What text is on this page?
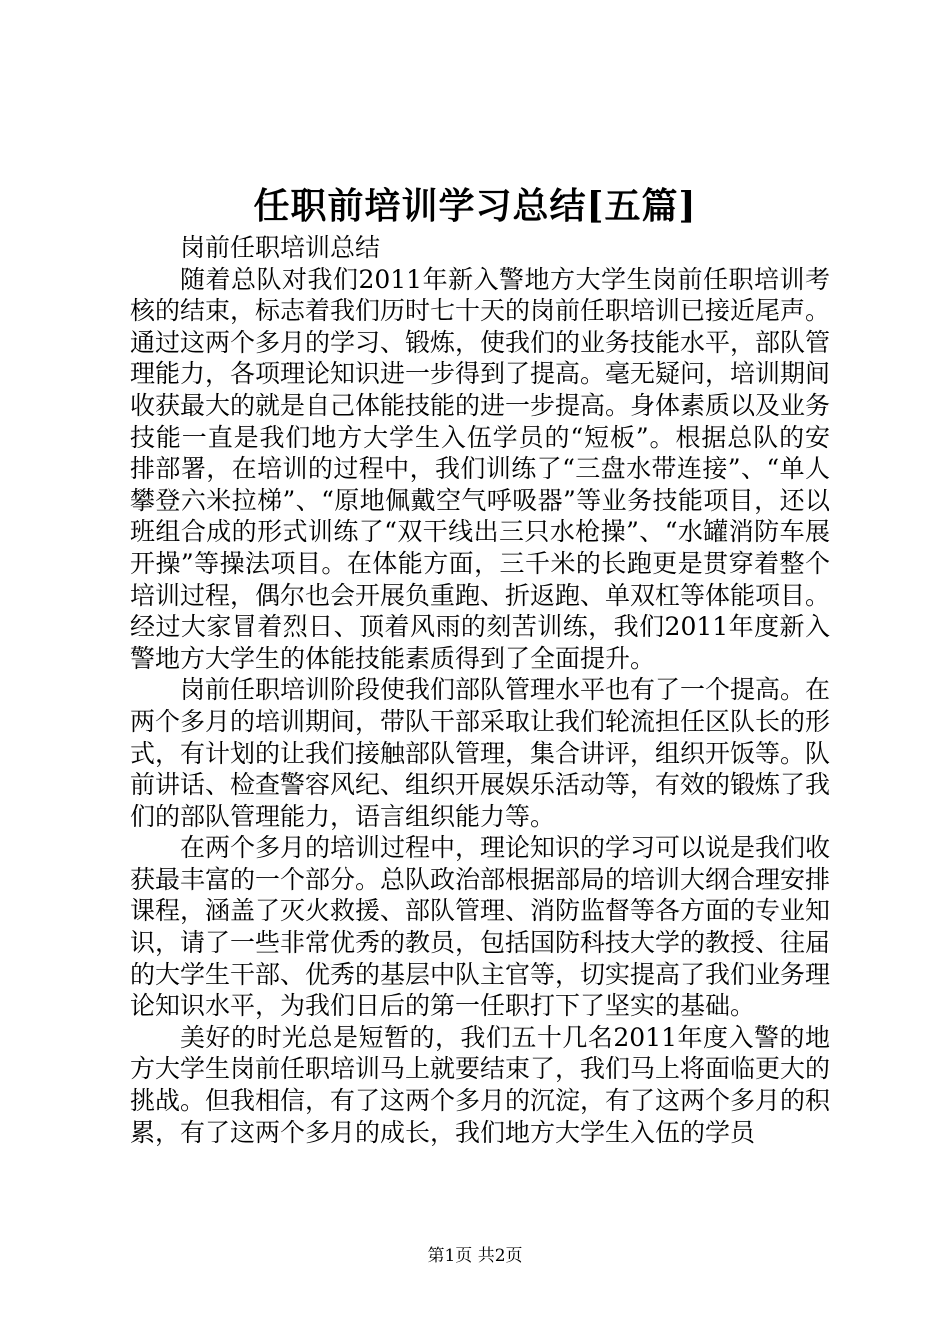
任职前培训学习总结[五篇]

岗前任职培训总结

随着总队对我们2011年新入警地方大学生岗前任职培训考核的结束，标志着我们历时七十天的岗前任职培训已接近尾声。通过这两个多月的学习、锻炼，使我们的业务技能水平，部队管理能力，各项理论知识进一步得到了提高。毫无疑问，培训期间收获最大的就是自己体能技能的进一步提高。身体素质以及业务技能一直是我们地方大学生入伍学员的“短板”。根据总队的安排部署，在培训的过程中，我们训练了“三盘水带连接”、“单人攀登六米拉梯”、“原地佩戴空气呼吸器”等业务技能项目，还以班组合成的形式训练了“双干线出三只水枪操”、“水罐消防车展开操”等操法项目。在体能方面，三千米的长跑更是贯穿着整个培训过程，偶尔也会开展负重跑、折返跑、单双杠等体能项目。经过大家冒着烈日、顶着风雨的刻苦训练，我们2011年度新入警地方大学生的体能技能素质得到了全面提升。

岗前任职培训阶段使我们部队管理水平也有了一个提高。在两个多月的培训期间，带队干部采取让我们轮流担任区队长的形式，有计划的让我们接触部队管理，集合讲评，组织开饭等。队前讲话、检查警容风纪、组织开展娱乐活动等，有效的锻炼了我们的部队管理能力，语言组织能力等。

在两个多月的培训过程中，理论知识的学习可以说是我们收获最丰富的一个部分。总队政治部根据部局的培训大纲合理安排课程，涵盖了灭火救援、部队管理、消防监督等各方面的专业知识，请了一些非常优秀的教员，包括国防科技大学的教授、往届的大学生干部、优秀的基层中队主官等，切实提高了我们业务理论知识水平，为我们日后的第一任职打下了坚实的基础。

美好的时光总是短暂的，我们五十几名2011年度入警的地方大学生岗前任职培训马上就要结束了，我们马上将面临更大的挑战。但我相信，有了这两个多月的沉淀，有了这两个多月的积累，有了这两个多月的成长，我们地方大学生入伍的学员

第1页 共2页
